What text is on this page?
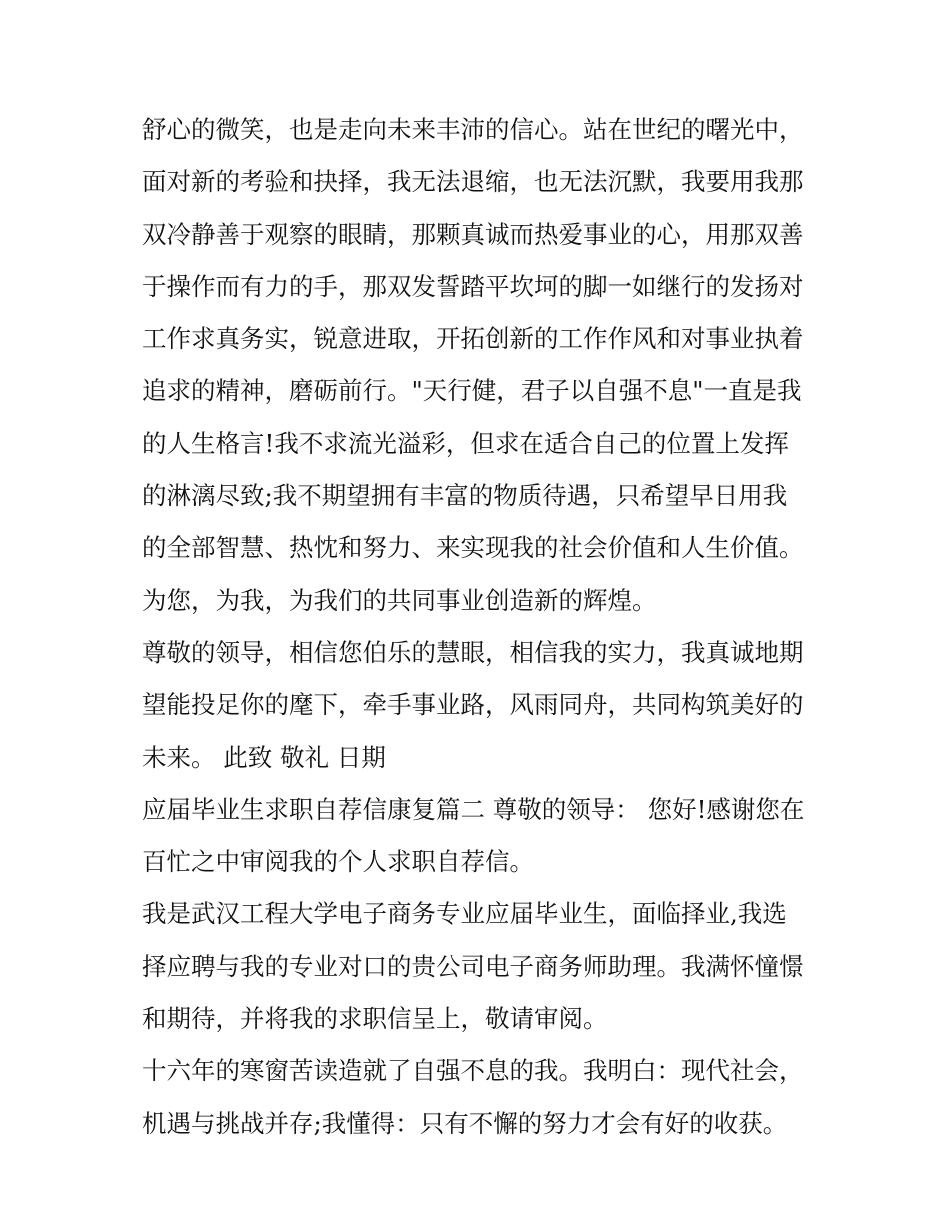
舒心的微笑，也是走向未来丰沛的信心。站在世纪的曙光中，
面对新的考验和抉择，我无法退缩，也无法沉默，我要用我那
双冷静善于观察的眼睛，那颗真诚而热爱事业的心，用那双善
于操作而有力的手，那双发誓踏平坎坷的脚一如继行的发扬对
工作求真务实，锐意进取，开拓创新的工作作风和对事业执着
追求的精神，磨砺前行。"天行健，君子以自强不息"一直是我
的人生格言!我不求流光溢彩，但求在适合自己的位置上发挥
的淋漓尽致;我不期望拥有丰富的物质待遇，只希望早日用我
的全部智慧、热忱和努力、来实现我的社会价值和人生价值。
为您，为我，为我们的共同事业创造新的辉煌。
尊敬的领导，相信您伯乐的慧眼，相信我的实力，我真诚地期
望能投足你的麾下，牵手事业路，风雨同舟，共同构筑美好的
未来。 此致 敬礼 日期
应届毕业生求职自荐信康复篇二 尊敬的领导： 您好!感谢您在
百忙之中审阅我的个人求职自荐信。
我是武汉工程大学电子商务专业应届毕业生，面临择业,我选
择应聘与我的专业对口的贵公司电子商务师助理。我满怀憧憬
和期待，并将我的求职信呈上，敬请审阅。
十六年的寒窗苦读造就了自强不息的我。我明白：现代社会，
机遇与挑战并存;我懂得：只有不懈的努力才会有好的收获。
